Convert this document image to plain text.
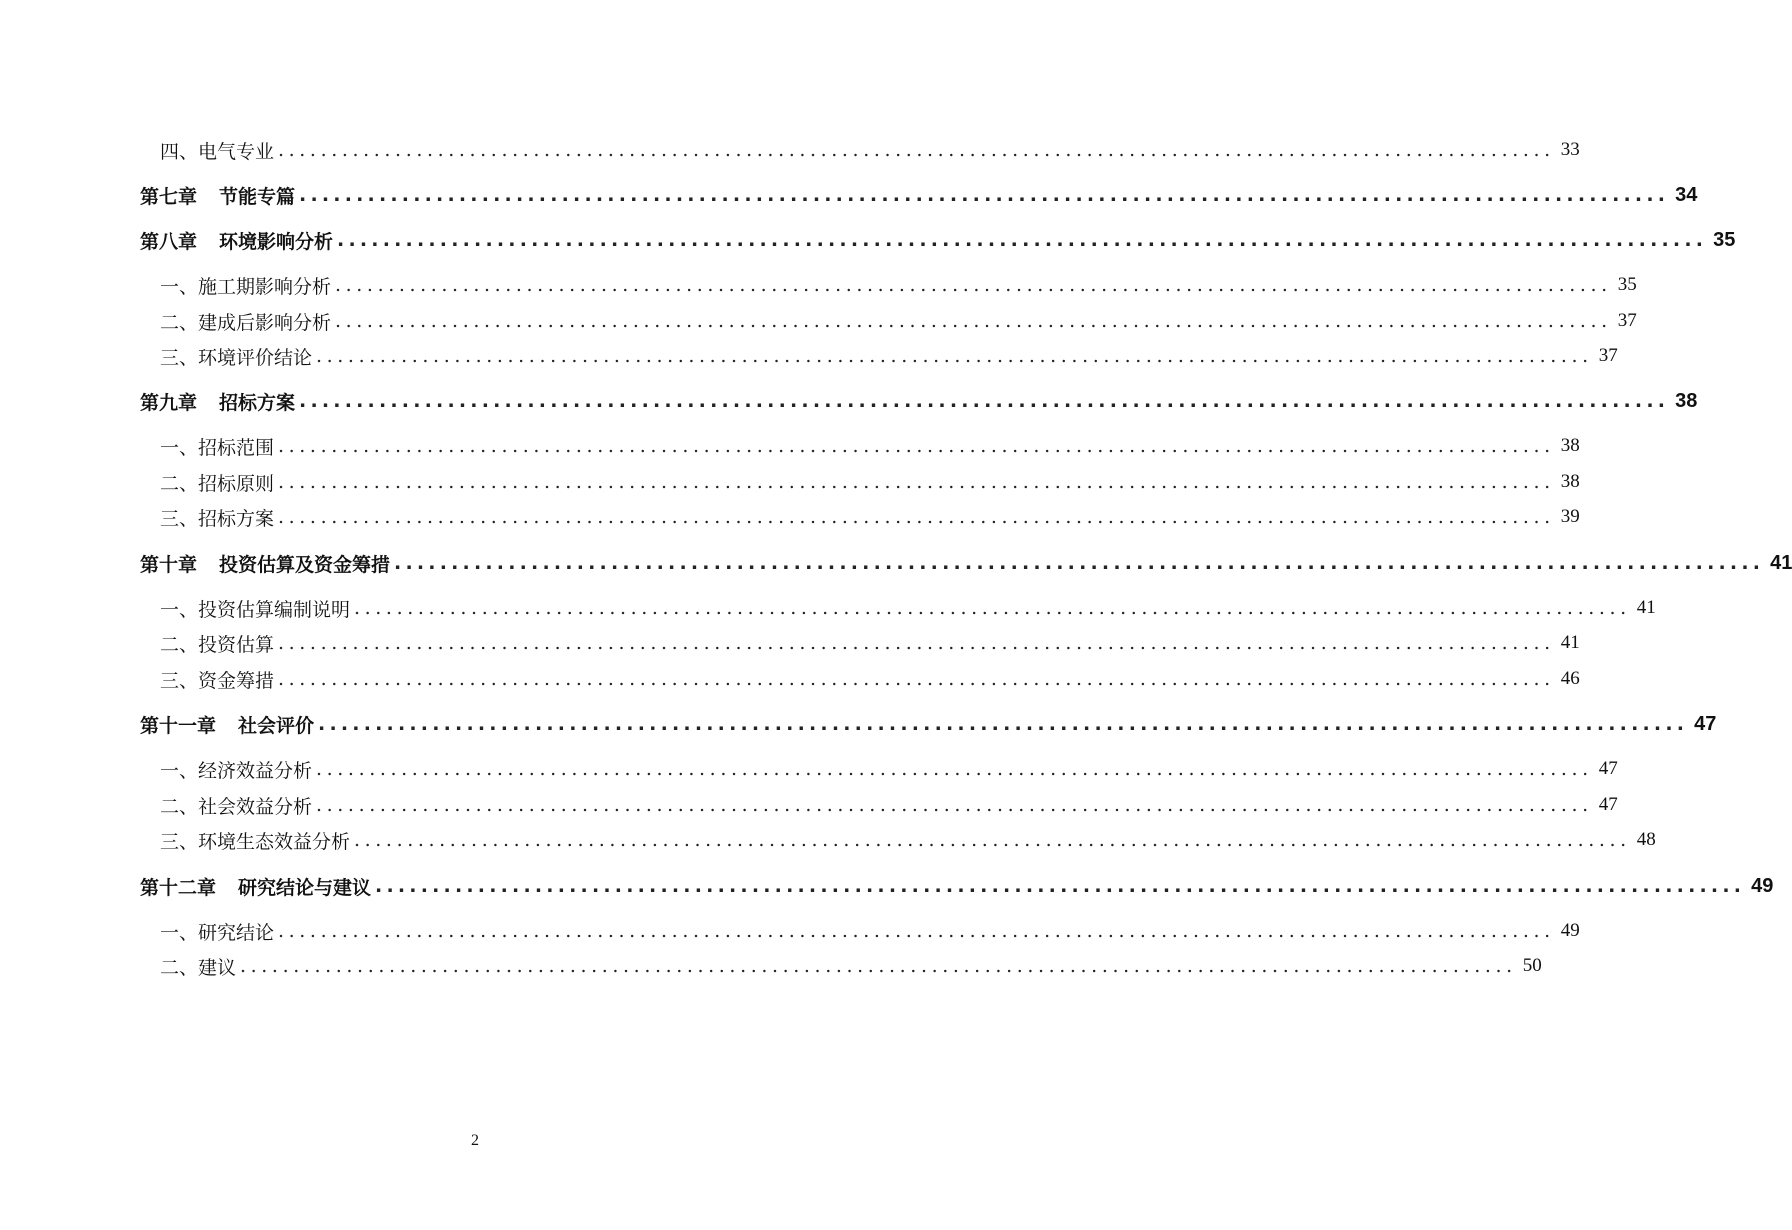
四、电气专业 ........................................................................................................................ 33
第七章 节能专篇 ........................................................................................................................ 34
第八章 环境影响分析 ........................................................................................................................ 35
一、施工期影响分析 ........................................................................................................................ 35
二、建成后影响分析 ........................................................................................................................ 37
三、环境评价结论 ........................................................................................................................ 37
第九章 招标方案 ........................................................................................................................ 38
一、招标范围 ........................................................................................................................ 38
二、招标原则 ........................................................................................................................ 38
三、招标方案 ........................................................................................................................ 39
第十章 投资估算及资金筹措 ........................................................................................................................ 41
一、投资估算编制说明 ........................................................................................................................ 41
二、投资估算 ........................................................................................................................ 41
三、资金筹措 ........................................................................................................................ 46
第十一章 社会评价 ........................................................................................................................ 47
一、经济效益分析 ........................................................................................................................ 47
二、社会效益分析 ........................................................................................................................ 47
三、环境生态效益分析 ........................................................................................................................ 48
第十二章 研究结论与建议 ........................................................................................................................ 49
一、研究结论 ........................................................................................................................ 49
二、建议 ........................................................................................................................ 50
2
